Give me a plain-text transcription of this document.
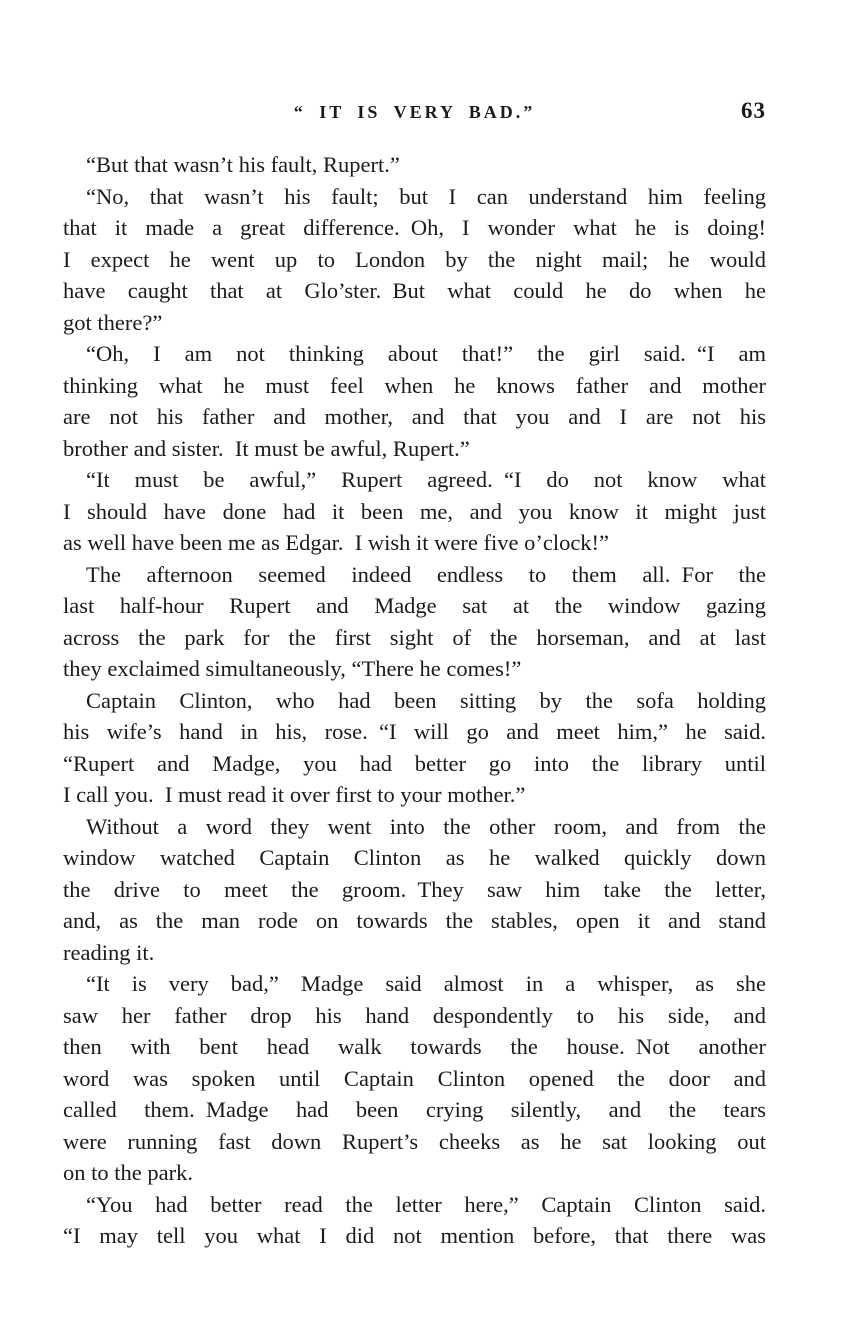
“ IT IS VERY BAD.”	63
“But that wasn’t his fault, Rupert.”
“No, that wasn’t his fault; but I can understand him feeling
that it made a great difference. Oh, I wonder what he is doing!
I expect he went up to London by the night mail; he would
have caught that at Glo’ster. But what could he do when he
got there?”
“Oh, I am not thinking about that!” the girl said. “I am
thinking what he must feel when he knows father and mother
are not his father and mother, and that you and I are not his
brother and sister. It must be awful, Rupert.”
“It must be awful,” Rupert agreed. “I do not know what
I should have done had it been me, and you know it might just
as well have been me as Edgar. I wish it were five o’clock!”
The afternoon seemed indeed endless to them all. For the
last half-hour Rupert and Madge sat at the window gazing
across the park for the first sight of the horseman, and at last
they exclaimed simultaneously, “There he comes!”
Captain Clinton, who had been sitting by the sofa holding
his wife’s hand in his, rose. “I will go and meet him,” he said.
“Rupert and Madge, you had better go into the library until
I call you. I must read it over first to your mother.”
Without a word they went into the other room, and from the
window watched Captain Clinton as he walked quickly down
the drive to meet the groom. They saw him take the letter,
and, as the man rode on towards the stables, open it and stand
reading it.
“It is very bad,” Madge said almost in a whisper, as she
saw her father drop his hand despondently to his side, and
then with bent head walk towards the house. Not another
word was spoken until Captain Clinton opened the door and
called them. Madge had been crying silently, and the tears
were running fast down Rupert’s cheeks as he sat looking out
on to the park.
“You had better read the letter here,” Captain Clinton said.
“I may tell you what I did not mention before, that there was
